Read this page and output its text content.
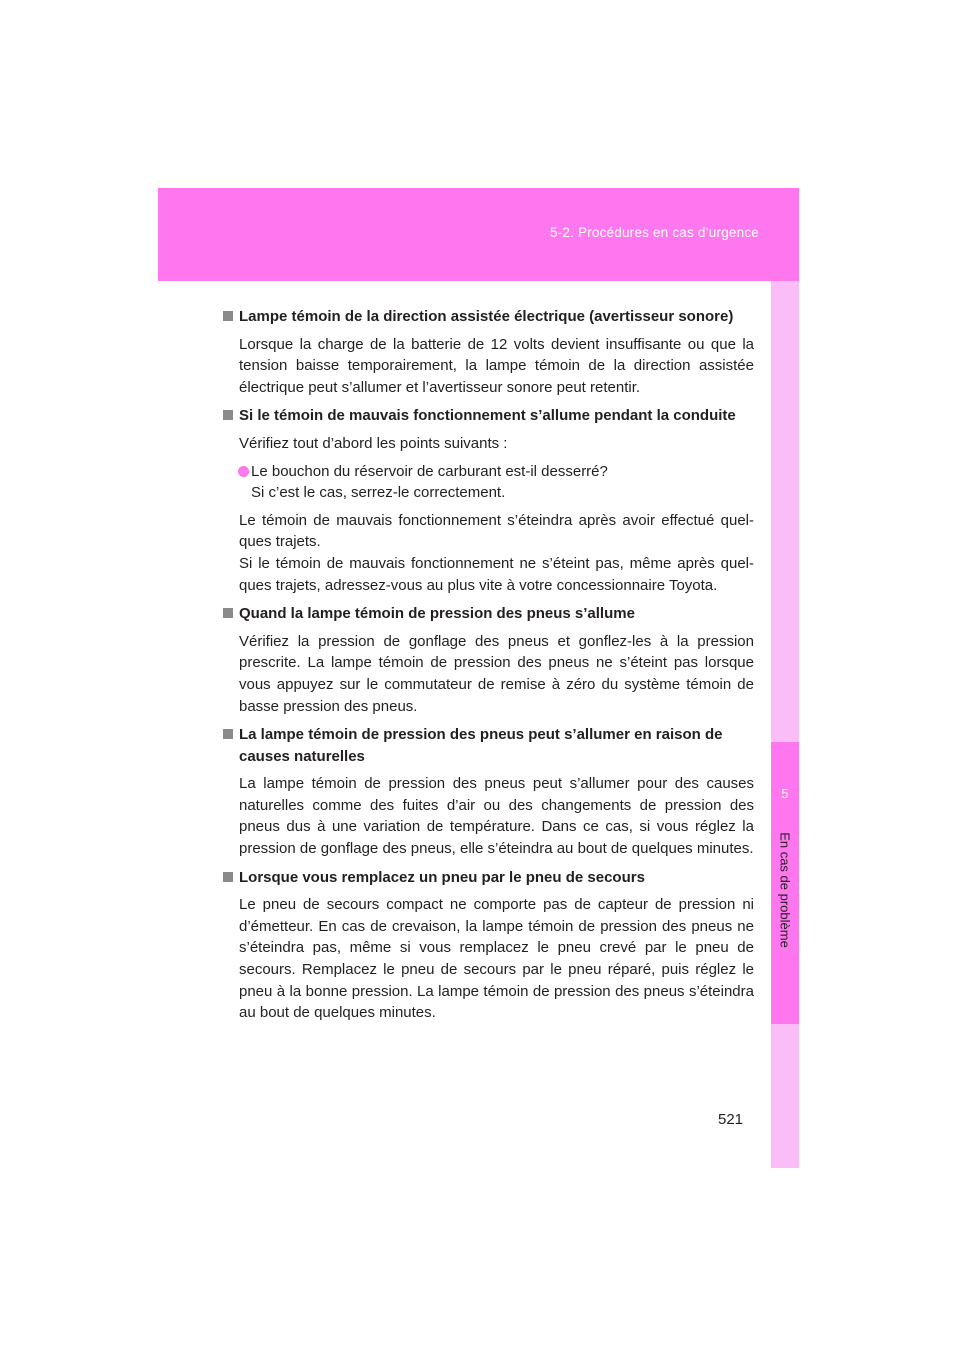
5-2. Procédures en cas d’urgence
5
En cas de problème
Lampe témoin de la direction assistée électrique (avertisseur sonore)
Lorsque la charge de la batterie de 12 volts devient insuffisante ou que la tension baisse temporairement, la lampe témoin de la direction assistée électrique peut s’allumer et l’avertisseur sonore peut retentir.
Si le témoin de mauvais fonctionnement s’allume pendant la conduite
Vérifiez tout d’abord les points suivants :
Le bouchon du réservoir de carburant est-il desserré?
Si c’est le cas, serrez-le correctement.
Le témoin de mauvais fonctionnement s’éteindra après avoir effectué quelques trajets.
Si le témoin de mauvais fonctionnement ne s’éteint pas, même après quelques trajets, adressez-vous au plus vite à votre concessionnaire Toyota.
Quand la lampe témoin de pression des pneus s’allume
Vérifiez la pression de gonflage des pneus et gonflez-les à la pression prescrite. La lampe témoin de pression des pneus ne s’éteint pas lorsque vous appuyez sur le commutateur de remise à zéro du système témoin de basse pression des pneus.
La lampe témoin de pression des pneus peut s’allumer en raison de causes naturelles
La lampe témoin de pression des pneus peut s’allumer pour des causes naturelles comme des fuites d’air ou des changements de pression des pneus dus à une variation de température. Dans ce cas, si vous réglez la pression de gonflage des pneus, elle s’éteindra au bout de quelques minutes.
Lorsque vous remplacez un pneu par le pneu de secours
Le pneu de secours compact ne comporte pas de capteur de pression ni d’émetteur. En cas de crevaison, la lampe témoin de pression des pneus ne s’éteindra pas, même si vous remplacez le pneu crevé par le pneu de secours. Remplacez le pneu de secours par le pneu réparé, puis réglez le pneu à la bonne pression. La lampe témoin de pression des pneus s’éteindra au bout de quelques minutes.
521
